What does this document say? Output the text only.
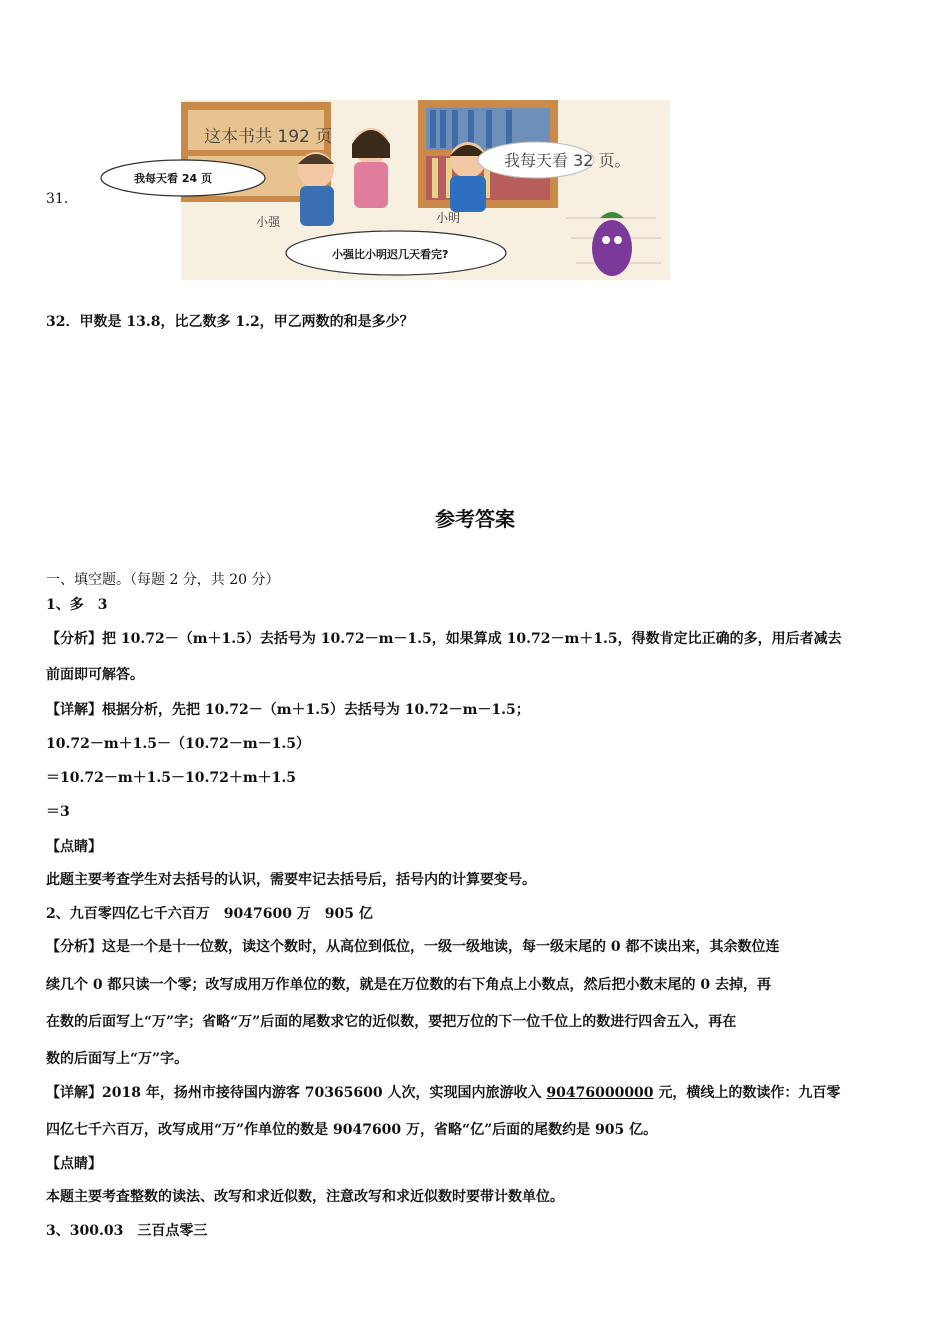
31.
这本书共 192 页
我每天看 24 页
我每天看 32 页。
小强比小明迟几天看完?
小强	小明
32．甲数是 13.8，比乙数多 1.2，甲乙两数的和是多少？
参考答案
一、填空题。（每题 2 分，共 20 分）
1、多　3
【分析】把 10.72－（m＋1.5）去括号为 10.72－m－1.5，如果算成 10.72－m＋1.5，得数肯定比正确的多，用后者减去
前面即可解答。
【详解】根据分析，先把 10.72－（m＋1.5）去括号为 10.72－m－1.5；
10.72－m＋1.5－（10.72－m－1.5）
＝10.72－m＋1.5－10.72＋m＋1.5
＝3
【点睛】
此题主要考查学生对去括号的认识，需要牢记去括号后，括号内的计算要变号。
2、九百零四亿七千六百万　9047600 万　905 亿
【分析】这是一个是十一位数，读这个数时，从高位到低位，一级一级地读，每一级末尾的 0 都不读出来，其余数位连
续几个 0 都只读一个零；改写成用万作单位的数，就是在万位数的右下角点上小数点，然后把小数末尾的 0 去掉，再
在数的后面写上“万”字；省略“万”后面的尾数求它的近似数，要把万位的下一位千位上的数进行四舍五入，再在
数的后面写上“万”字。
【详解】2018 年，扬州市接待国内游客 70365600 人次，实现国内旅游收入 90476000000 元，横线上的数读作：九百零
四亿七千六百万，改写成用“万”作单位的数是 9047600 万，省略“亿”后面的尾数约是 905 亿。
【点睛】
本题主要考查整数的读法、改写和求近似数，注意改写和求近似数时要带计数单位。
3、300.03　三百点零三
